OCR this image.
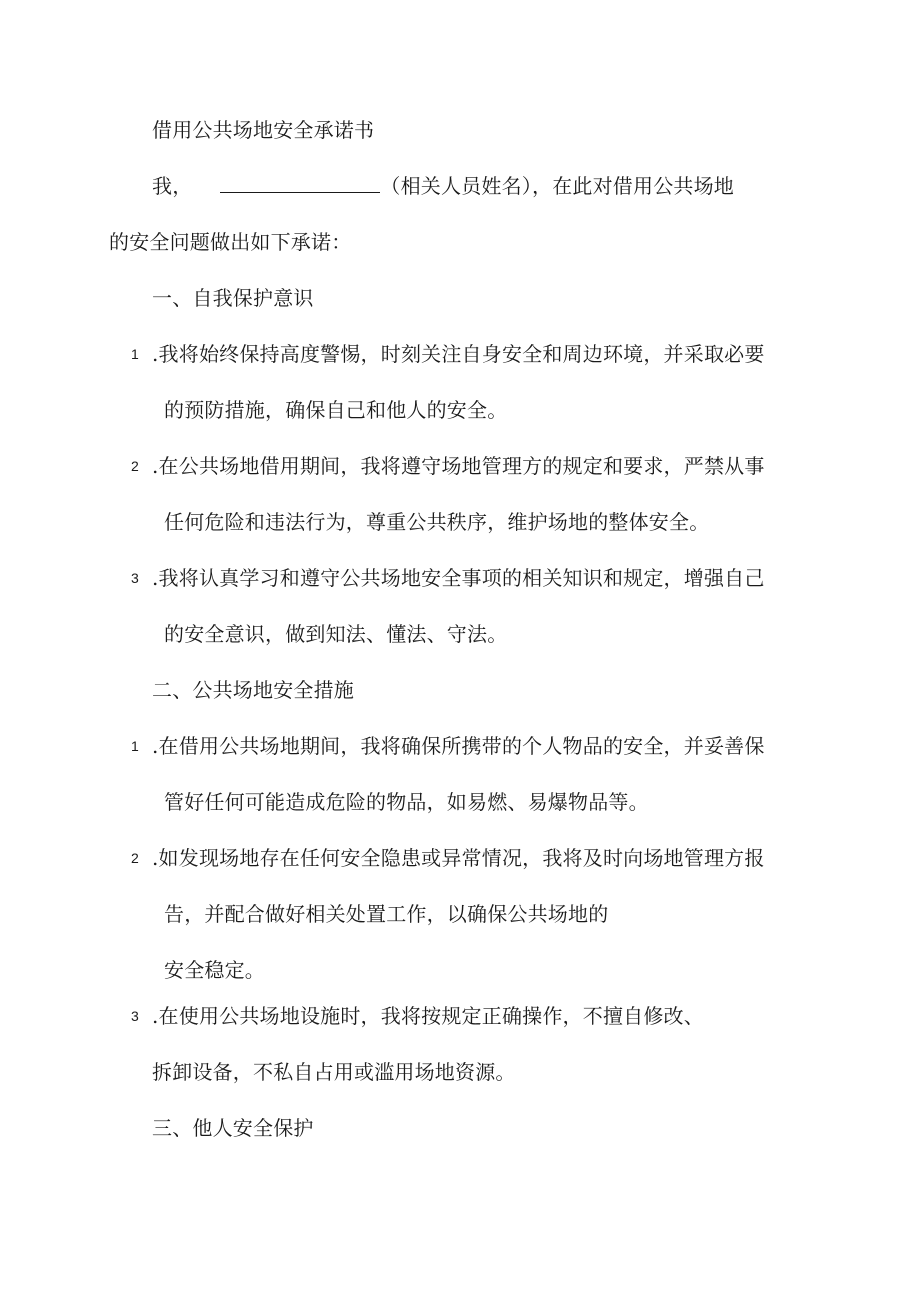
借用公共场地安全承诺书
我，	（相关人员姓名），在此对借用公共场地
的安全问题做出如下承诺：
一、自我保护意识
1 .我将始终保持高度警惕，时刻关注自身安全和周边环境，并采取必要
的预防措施，确保自己和他人的安全。
2 .在公共场地借用期间，我将遵守场地管理方的规定和要求，严禁从事
任何危险和违法行为，尊重公共秩序，维护场地的整体安全。
3 .我将认真学习和遵守公共场地安全事项的相关知识和规定，增强自己
的安全意识，做到知法、懂法、守法。
二、公共场地安全措施
1 .在借用公共场地期间，我将确保所携带的个人物品的安全，并妥善保
管好任何可能造成危险的物品，如易燃、易爆物品等。
2 .如发现场地存在任何安全隐患或异常情况，我将及时向场地管理方报
告，并配合做好相关处置工作，以确保公共场地的
安全稳定。
3 .在使用公共场地设施时，我将按规定正确操作，不擅自修改、
拆卸设备，不私自占用或滥用场地资源。
三、他人安全保护
